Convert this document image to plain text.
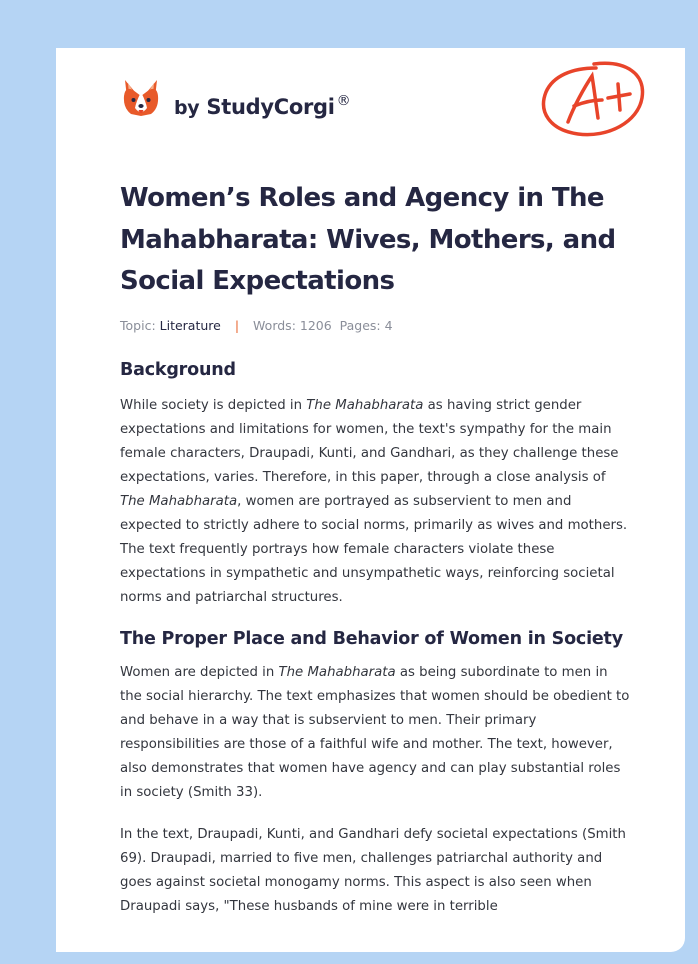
by StudyCorgi ®
Women’s Roles and Agency in The Mahabharata: Wives, Mothers, and Social Expectations
Topic: Literature | Words: 1206 Pages: 4
Background

While society is depicted in The Mahabharata as having strict gender expectations and limitations for women, the text's sympathy for the main female characters, Draupadi, Kunti, and Gandhari, as they challenge these expectations, varies. Therefore, in this paper, through a close analysis of The Mahabharata, women are portrayed as subservient to men and expected to strictly adhere to social norms, primarily as wives and mothers. The text frequently portrays how female characters violate these expectations in sympathetic and unsympathetic ways, reinforcing societal norms and patriarchal structures.

The Proper Place and Behavior of Women in Society

Women are depicted in The Mahabharata as being subordinate to men in the social hierarchy. The text emphasizes that women should be obedient to and behave in a way that is subservient to men. Their primary responsibilities are those of a faithful wife and mother. The text, however, also demonstrates that women have agency and can play substantial roles in society (Smith 33).

In the text, Draupadi, Kunti, and Gandhari defy societal expectations (Smith 69). Draupadi, married to five men, challenges patriarchal authority and goes against societal monogamy norms. This aspect is also seen when Draupadi says, "These husbands of mine were in terrible
